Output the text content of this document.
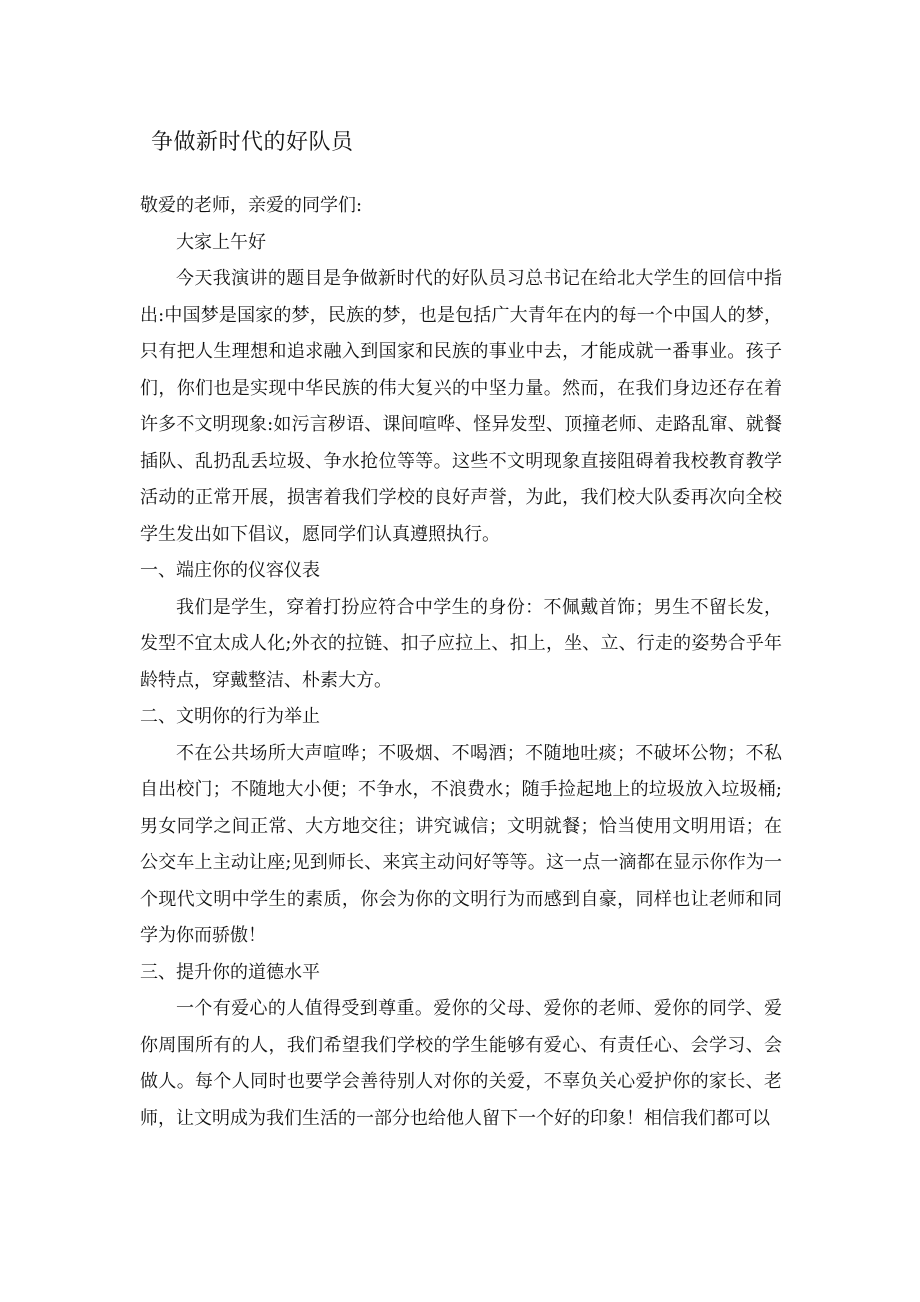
争做新时代的好队员

敬爱的老师，亲爱的同学们:

大家上午好

今天我演讲的题目是争做新时代的好队员习总书记在给北大学生的回信中指出:中国梦是国家的梦，民族的梦，也是包括广大青年在内的每一个中国人的梦，只有把人生理想和追求融入到国家和民族的事业中去，才能成就一番事业。孩子们，你们也是实现中华民族的伟大复兴的中坚力量。然而，在我们身边还存在着许多不文明现象:如污言秽语、课间喧哗、怪异发型、顶撞老师、走路乱窜、就餐插队、乱扔乱丢垃圾、争水抢位等等。这些不文明现象直接阻碍着我校教育教学活动的正常开展，损害着我们学校的良好声誉，为此，我们校大队委再次向全校学生发出如下倡议，愿同学们认真遵照执行。

一、端庄你的仪容仪表

我们是学生，穿着打扮应符合中学生的身份：不佩戴首饰；男生不留长发，发型不宜太成人化;外衣的拉链、扣子应拉上、扣上，坐、立、行走的姿势合乎年龄特点，穿戴整洁、朴素大方。

二、文明你的行为举止

不在公共场所大声喧哗；不吸烟、不喝酒；不随地吐痰；不破坏公物；不私自出校门；不随地大小便；不争水，不浪费水；随手捡起地上的垃圾放入垃圾桶;男女同学之间正常、大方地交往；讲究诚信；文明就餐；恰当使用文明用语；在公交车上主动让座;见到师长、来宾主动问好等等。这一点一滴都在显示你作为一个现代文明中学生的素质，你会为你的文明行为而感到自豪，同样也让老师和同学为你而骄傲！

三、提升你的道德水平

一个有爱心的人值得受到尊重。爱你的父母、爱你的老师、爱你的同学、爱你周围所有的人，我们希望我们学校的学生能够有爱心、有责任心、会学习、会做人。每个人同时也要学会善待别人对你的关爱，不辜负关心爱护你的家长、老师，让文明成为我们生活的一部分也给他人留下一个好的印象！相信我们都可以
